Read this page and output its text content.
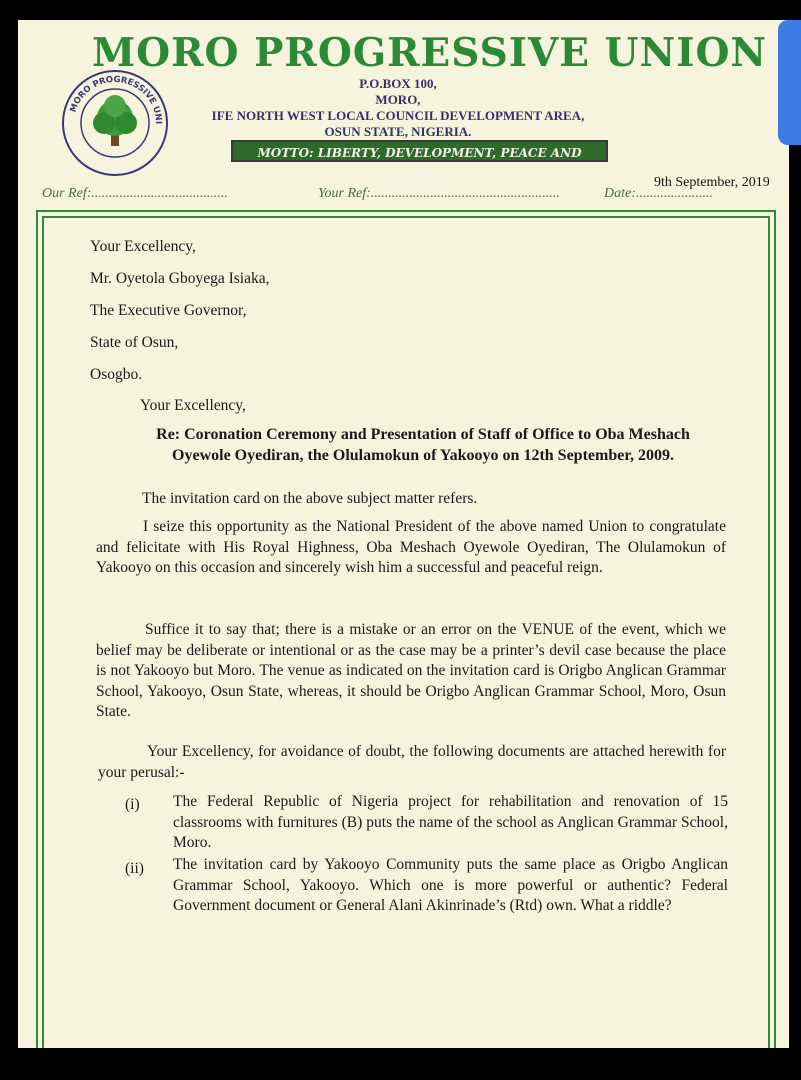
MORO PROGRESSIVE UNION
MORO PROGRESSIVE UNI
P.O.BOX 100,
MORO,
IFE NORTH WEST LOCAL COUNCIL DEVELOPMENT AREA,
OSUN STATE, NIGERIA.
MOTTO: LIBERTY, DEVELOPMENT, PEACE AND JUSTICE.	9th September, 2019
Our Ref:.......................................	Your Ref:......................................................	Date:......................
Your Excellency,
Mr. Oyetola Gboyega Isiaka,
The Executive Governor,
State of Osun,
Osogbo.
Your Excellency,
Re: Coronation Ceremony and Presentation of Staff of Office to Oba Meshach
Oyewole Oyediran, the Olulamokun of Yakooyo on 12th September, 2009.
The invitation card on the above subject matter refers.
I seize this opportunity as the National President of the above named Union to congratulate and felicitate with His Royal Highness, Oba Meshach Oyewole Oyediran, The Olulamokun of Yakooyo on this occasion and sincerely wish him a successful and peaceful reign.
Suffice it to say that; there is a mistake or an error on the VENUE of the event, which we belief may be deliberate or intentional or as the case may be a printer’s devil case because the place is not Yakooyo but Moro. The venue as indicated on the invitation card is Origbo Anglican Grammar School, Yakooyo, Osun State, whereas, it should be Origbo Anglican Grammar School, Moro, Osun State.
Your Excellency, for avoidance of doubt, the following documents are attached herewith for your perusal:-
(i) The Federal Republic of Nigeria project for rehabilitation and renovation of 15 classrooms with furnitures (B) puts the name of the school as Anglican Grammar School, Moro.
(ii) The invitation card by Yakooyo Community puts the same place as Origbo Anglican Grammar School, Yakooyo. Which one is more powerful or authentic? Federal Government document or General Alani Akinrinade’s (Rtd) own. What a riddle?
